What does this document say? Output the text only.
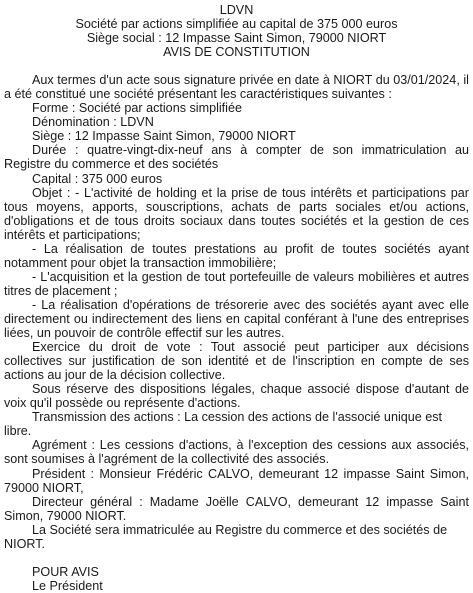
LDVN

Société par actions simplifiée au capital de 375 000 euros

Siège social : 12 Impasse Saint Simon, 79000 NIORT

AVIS DE CONSTITUTION

Aux termes d'un acte sous signature privée en date à NIORT du 03/01/2024, il a été constitué une société présentant les caractéristiques suivantes :

Forme : Société par actions simplifiée

Dénomination : LDVN

Siège : 12 Impasse Saint Simon, 79000 NIORT

Durée : quatre-vingt-dix-neuf ans à compter de son immatriculation au Registre du commerce et des sociétés

Capital : 375 000 euros

Objet : - L'activité de holding et la prise de tous intérêts et participations par tous moyens, apports, souscriptions, achats de parts sociales et/ou actions, d'obligations et de tous droits sociaux dans toutes sociétés et la gestion de ces intérêts et participations;

- La réalisation de toutes prestations au profit de toutes sociétés ayant notamment pour objet la transaction immobilière;

- L'acquisition et la gestion de tout portefeuille de valeurs mobilières et autres titres de placement ;

- La réalisation d'opérations de trésorerie avec des sociétés ayant avec elle directement ou indirectement des liens en capital conférant à l'une des entreprises liées, un pouvoir de contrôle effectif sur les autres.

Exercice du droit de vote : Tout associé peut participer aux décisions collectives sur justification de son identité et de l'inscription en compte de ses actions au jour de la décision collective.

Sous réserve des dispositions légales, chaque associé dispose d'autant de voix qu'il possède ou représente d'actions.

Transmission des actions : La cession des actions de l'associé unique est libre.

Agrément : Les cessions d'actions, à l'exception des cessions aux associés, sont soumises à l'agrément de la collectivité des associés.

Président : Monsieur Frédéric CALVO, demeurant 12 impasse Saint Simon, 79000 NIORT,

Directeur général : Madame Joëlle CALVO, demeurant 12 impasse Saint Simon, 79000 NIORT.

La Société sera immatriculée au Registre du commerce et des sociétés de NIORT.

POUR AVIS

Le Président
